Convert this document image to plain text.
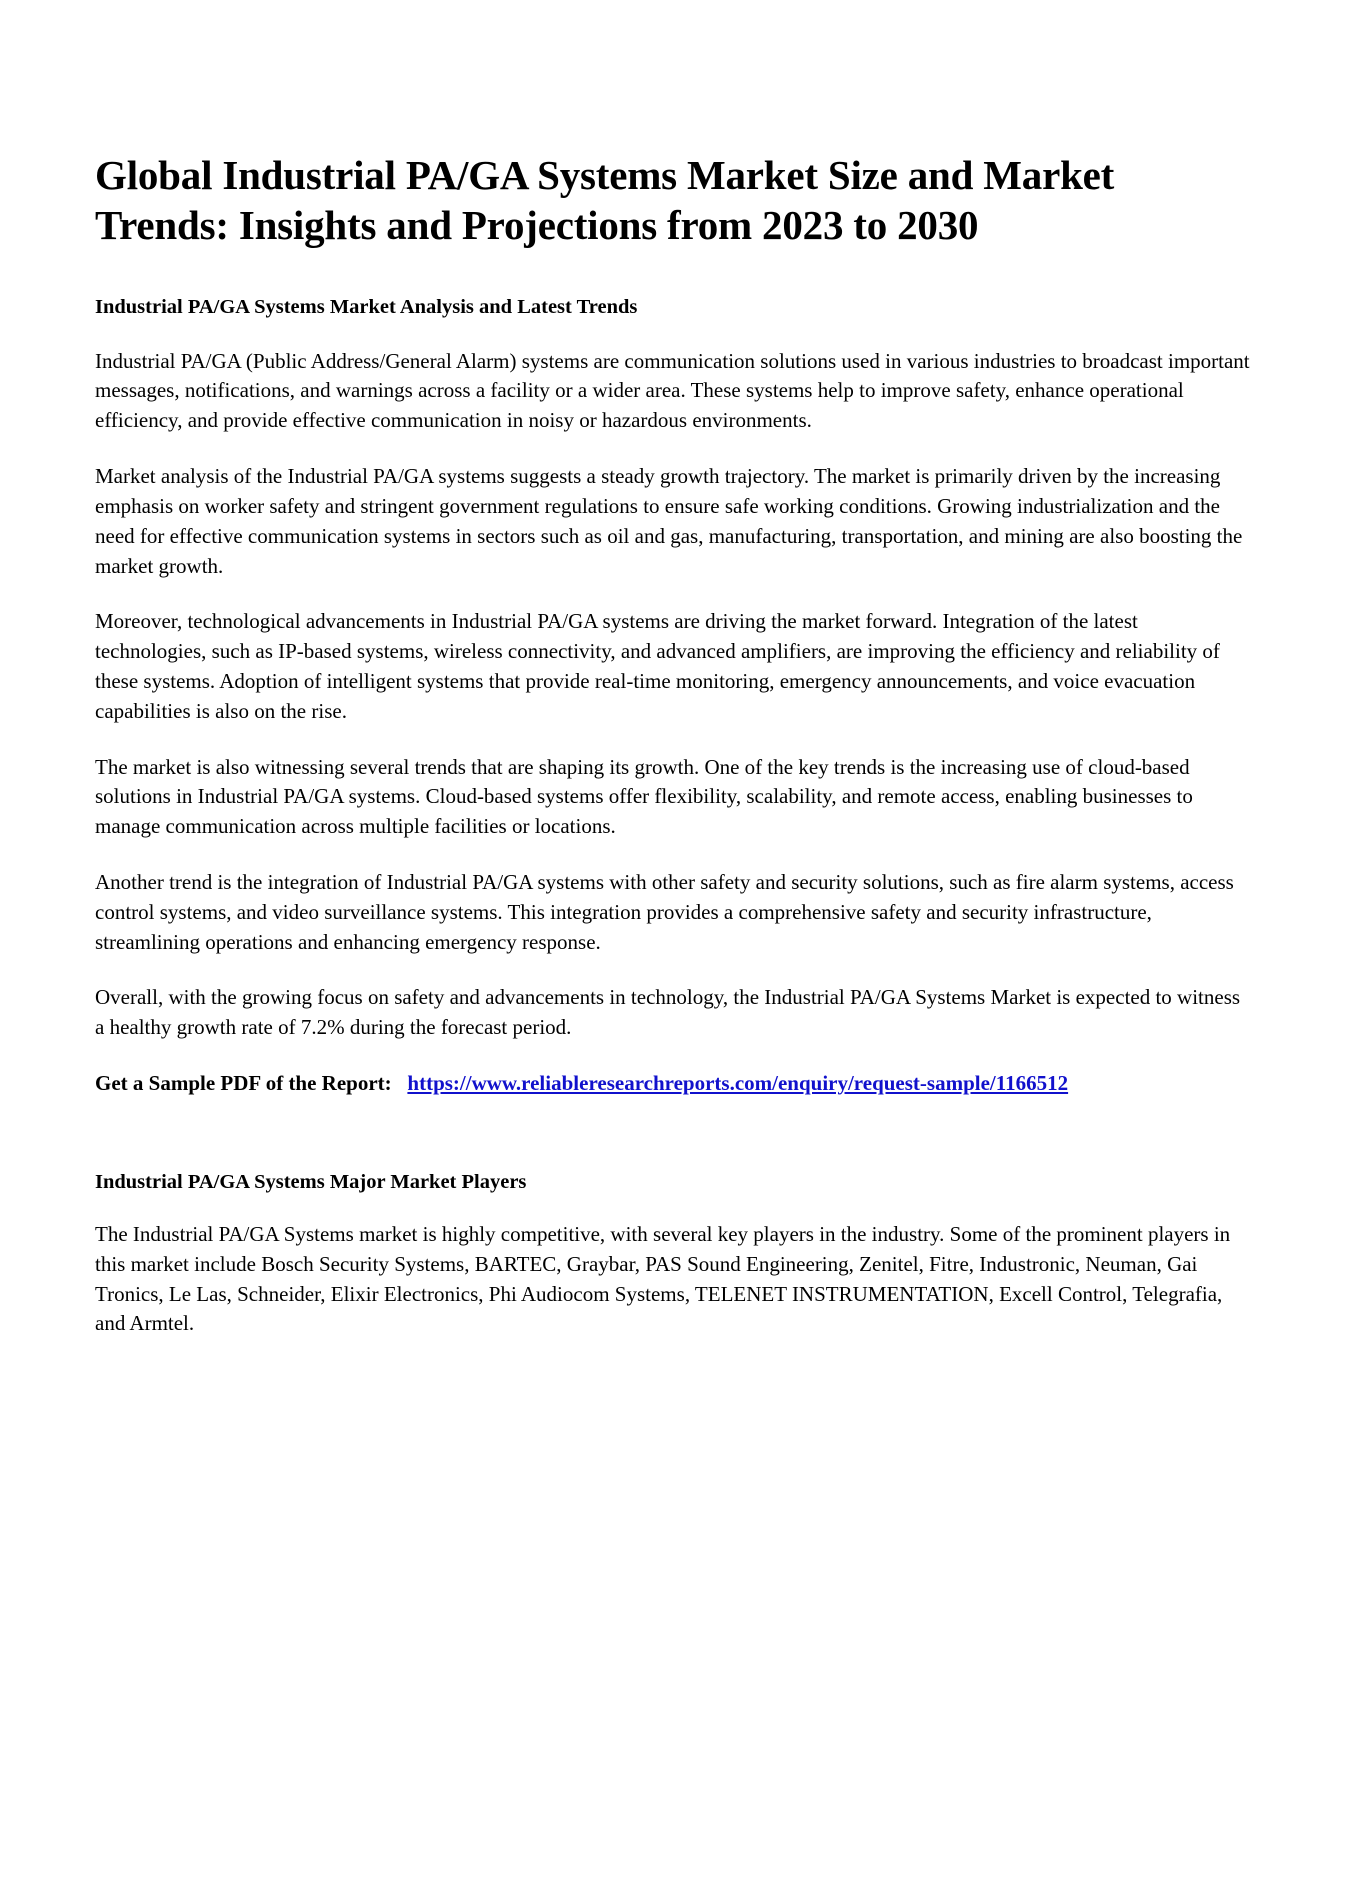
Global Industrial PA/GA Systems Market Size and Market Trends: Insights and Projections from 2023 to 2030
Industrial PA/GA Systems Market Analysis and Latest Trends

Industrial PA/GA (Public Address/General Alarm) systems are communication solutions used in various industries to broadcast important messages, notifications, and warnings across a facility or a wider area. These systems help to improve safety, enhance operational efficiency, and provide effective communication in noisy or hazardous environments.

Market analysis of the Industrial PA/GA systems suggests a steady growth trajectory. The market is primarily driven by the increasing emphasis on worker safety and stringent government regulations to ensure safe working conditions. Growing industrialization and the need for effective communication systems in sectors such as oil and gas, manufacturing, transportation, and mining are also boosting the market growth.

Moreover, technological advancements in Industrial PA/GA systems are driving the market forward. Integration of the latest technologies, such as IP-based systems, wireless connectivity, and advanced amplifiers, are improving the efficiency and reliability of these systems. Adoption of intelligent systems that provide real-time monitoring, emergency announcements, and voice evacuation capabilities is also on the rise.

The market is also witnessing several trends that are shaping its growth. One of the key trends is the increasing use of cloud-based solutions in Industrial PA/GA systems. Cloud-based systems offer flexibility, scalability, and remote access, enabling businesses to manage communication across multiple facilities or locations.

Another trend is the integration of Industrial PA/GA systems with other safety and security solutions, such as fire alarm systems, access control systems, and video surveillance systems. This integration provides a comprehensive safety and security infrastructure, streamlining operations and enhancing emergency response.

Overall, with the growing focus on safety and advancements in technology, the Industrial PA/GA Systems Market is expected to witness a healthy growth rate of 7.2% during the forecast period.

Get a Sample PDF of the Report: https://www.reliableresearchreports.com/enquiry/request-sample/1166512
Industrial PA/GA Systems Major Market Players

The Industrial PA/GA Systems market is highly competitive, with several key players in the industry. Some of the prominent players in this market include Bosch Security Systems, BARTEC, Graybar, PAS Sound Engineering, Zenitel, Fitre, Industronic, Neuman, Gai Tronics, Le Las, Schneider, Elixir Electronics, Phi Audiocom Systems, TELENET INSTRUMENTATION, Excell Control, Telegrafia, and Armtel.
